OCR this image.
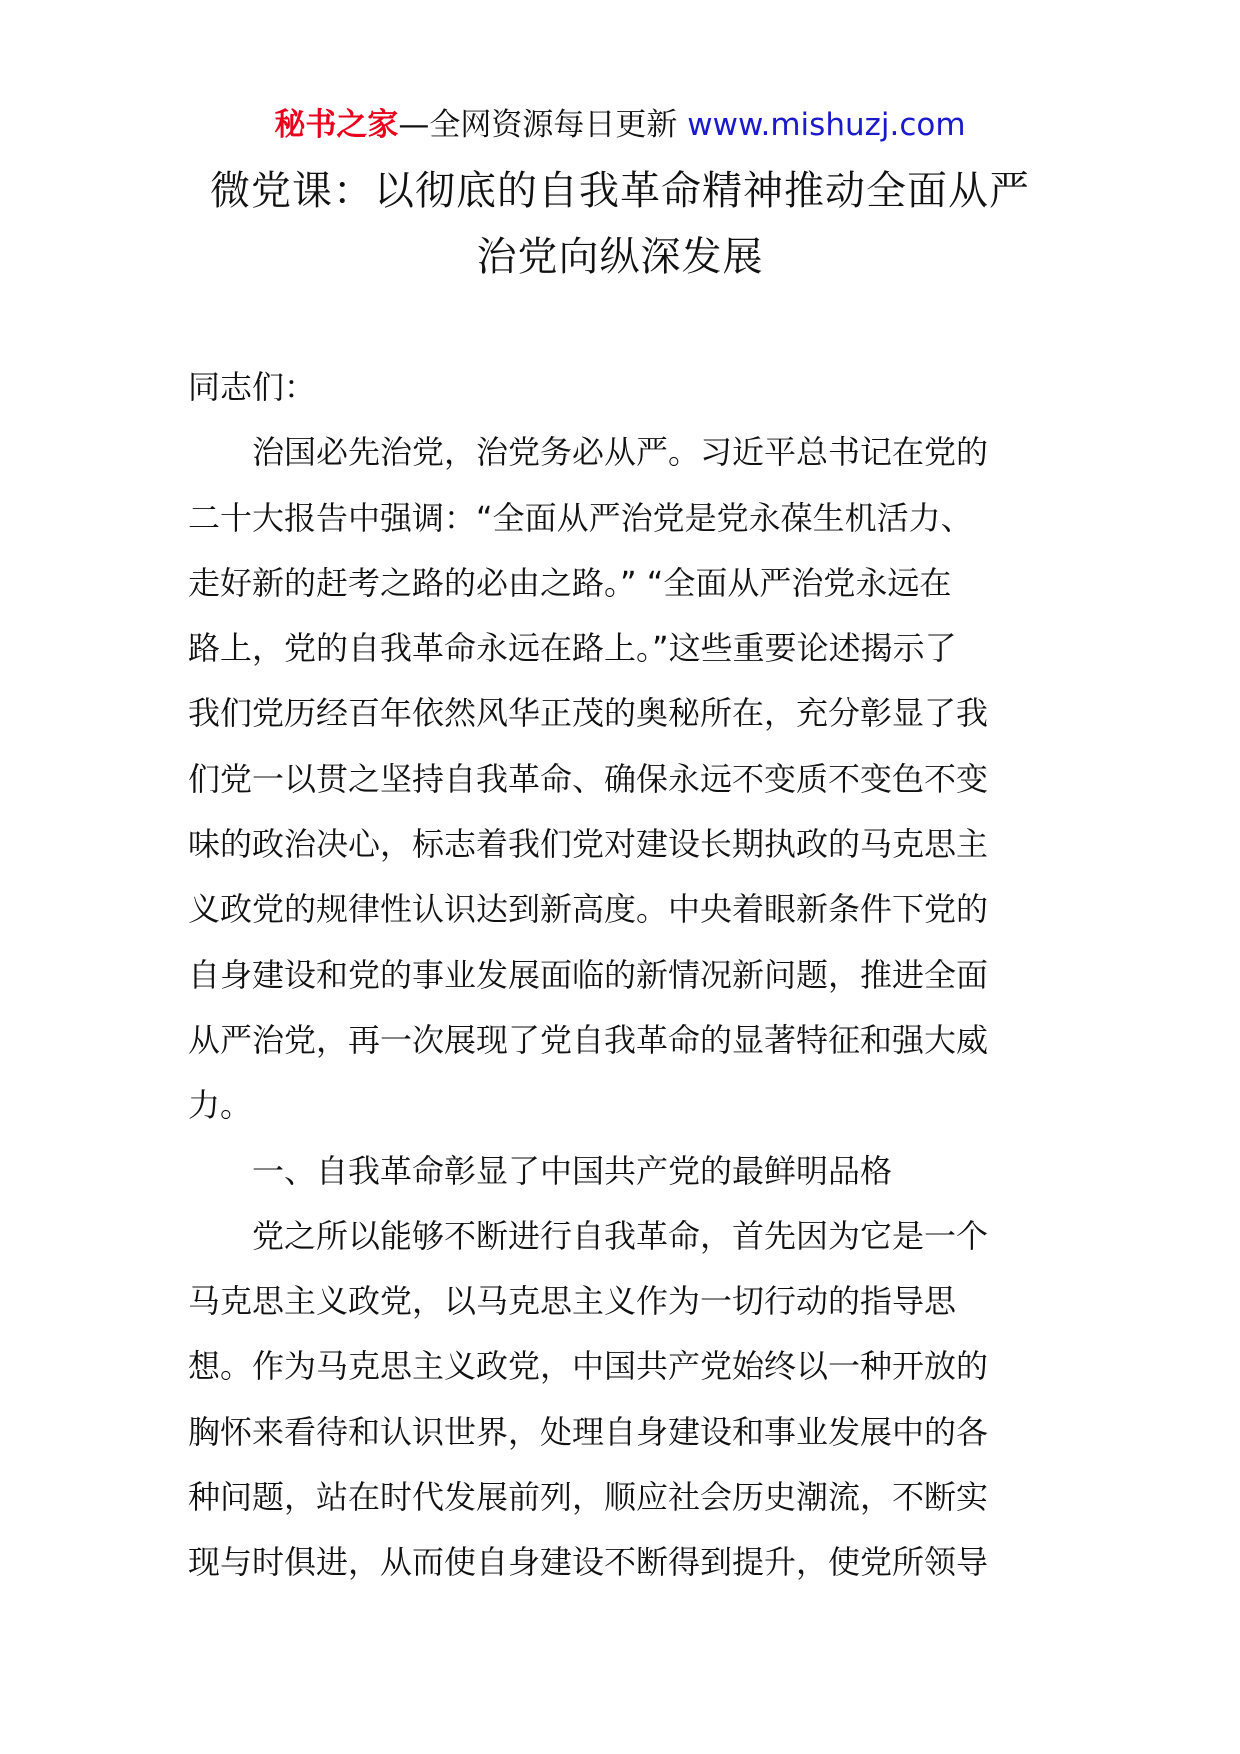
秘书之家—全网资源每日更新 www.mishuzj.com
微党课：以彻底的自我革命精神推动全面从严
治党向纵深发展
同志们：
治国必先治党，治党务必从严。习近平总书记在党的
二十大报告中强调：“全面从严治党是党永葆生机活力、
走好新的赶考之路的必由之路。” “全面从严治党永远在
路上，党的自我革命永远在路上。”这些重要论述揭示了
我们党历经百年依然风华正茂的奥秘所在，充分彰显了我
们党一以贯之坚持自我革命、确保永远不变质不变色不变
味的政治决心，标志着我们党对建设长期执政的马克思主
义政党的规律性认识达到新高度。中央着眼新条件下党的
自身建设和党的事业发展面临的新情况新问题，推进全面
从严治党，再一次展现了党自我革命的显著特征和强大威
力。
一、自我革命彰显了中国共产党的最鲜明品格
党之所以能够不断进行自我革命，首先因为它是一个
马克思主义政党，以马克思主义作为一切行动的指导思
想。作为马克思主义政党，中国共产党始终以一种开放的
胸怀来看待和认识世界，处理自身建设和事业发展中的各
种问题，站在时代发展前列，顺应社会历史潮流，不断实
现与时俱进，从而使自身建设不断得到提升，使党所领导
